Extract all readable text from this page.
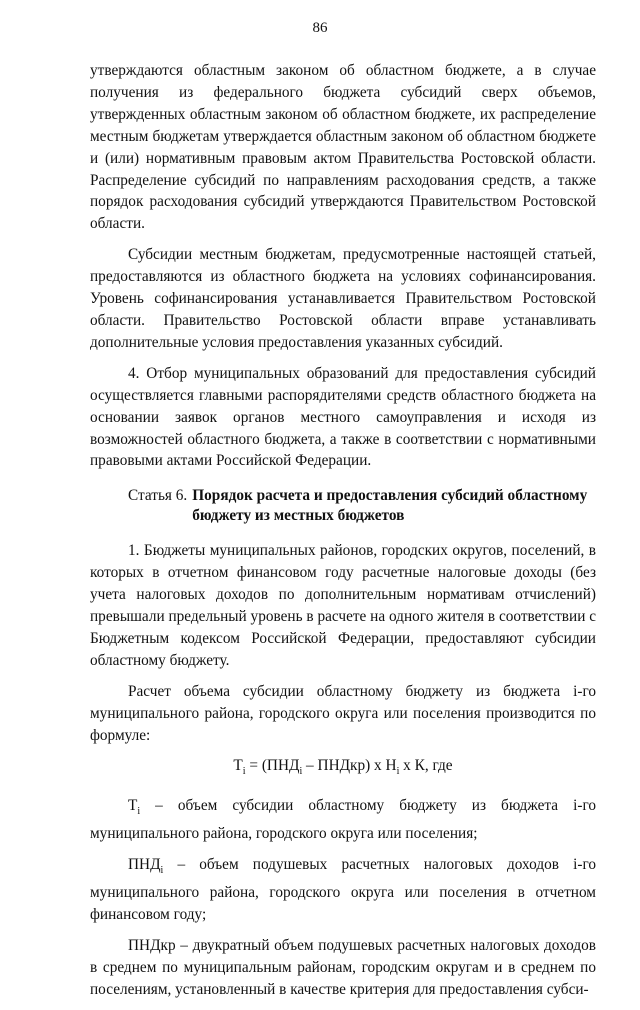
86

утверждаются областным законом об областном бюджете, а в случае получения из федерального бюджета субсидий сверх объемов, утвержденных областным законом об областном бюджете, их распределение местным бюджетам утверждается областным законом об областном бюджете и (или) нормативным правовым актом Правительства Ростовской области. Распределение субсидий по направлениям расходования средств, а также порядок расходования субсидий утверждаются Правительством Ростовской области.

Субсидии местным бюджетам, предусмотренные настоящей статьей, предоставляются из областного бюджета на условиях софинансирования. Уровень софинансирования устанавливается Правительством Ростовской области. Правительство Ростовской области вправе устанавливать дополнительные условия предоставления указанных субсидий.

4. Отбор муниципальных образований для предоставления субсидий осуществляется главными распорядителями средств областного бюджета на основании заявок органов местного самоуправления и исходя из возможностей областного бюджета, а также в соответствии с нормативными правовыми актами Российской Федерации.

Статья 6. Порядок расчета и предоставления субсидий областному бюджету из местных бюджетов

1. Бюджеты муниципальных районов, городских округов, поселений, в которых в отчетном финансовом году расчетные налоговые доходы (без учета налоговых доходов по дополнительным нормативам отчислений) превышали предельный уровень в расчете на одного жителя в соответствии с Бюджетным кодексом Российской Федерации, предоставляют субсидии областному бюджету.

Расчет объема субсидии областному бюджету из бюджета i-го муниципального района, городского округа или поселения производится по формуле:

$T_i = (ПНД_i$ – ПНДкр) х $Н_i$ х К, где

$T_i$ – объем субсидии областному бюджету из бюджета i-го муниципального района, городского округа или поселения;

$ПНД_i$ – объем подушевых расчетных налоговых доходов i-го муниципального района, городского округа или поселения в отчетном финансовом году;

ПНДкр – двукратный объем подушевых расчетных налоговых доходов в среднем по муниципальным районам, городским округам и в среднем по поселениям, установленный в качестве критерия для предоставления субси-
